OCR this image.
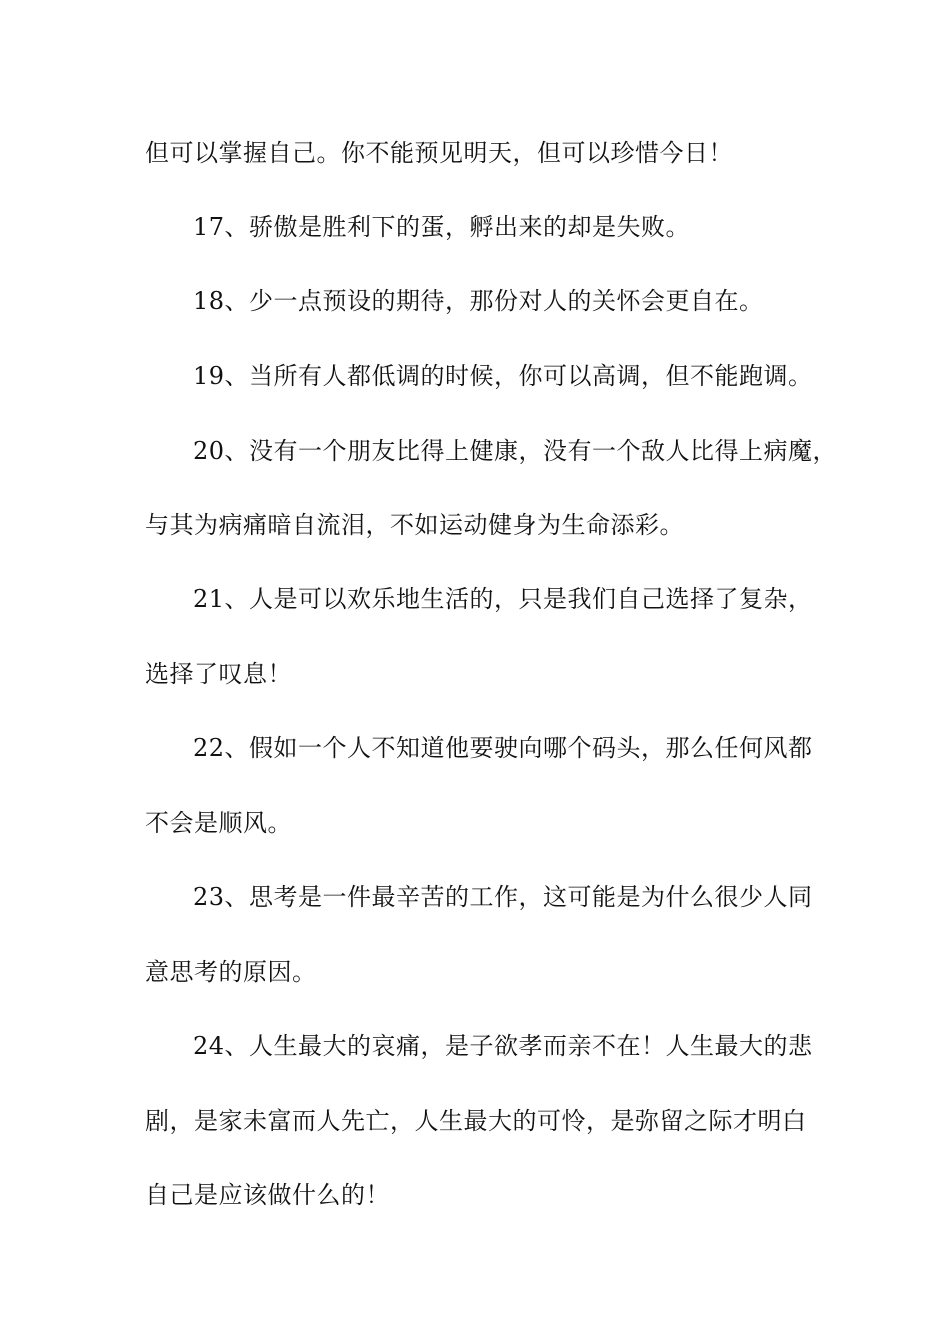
但可以掌握自己。你不能预见明天，但可以珍惜今日！
17、骄傲是胜利下的蛋，孵出来的却是失败。
18、少一点预设的期待，那份对人的关怀会更自在。
19、当所有人都低调的时候，你可以高调，但不能跑调。
20、没有一个朋友比得上健康，没有一个敌人比得上病魔，
与其为病痛暗自流泪，不如运动健身为生命添彩。
21、人是可以欢乐地生活的，只是我们自己选择了复杂，
选择了叹息！
22、假如一个人不知道他要驶向哪个码头，那么任何风都
不会是顺风。
23、思考是一件最辛苦的工作，这可能是为什么很少人同
意思考的原因。
24、人生最大的哀痛，是子欲孝而亲不在！人生最大的悲
剧，是家未富而人先亡，人生最大的可怜，是弥留之际才明白
自己是应该做什么的！
